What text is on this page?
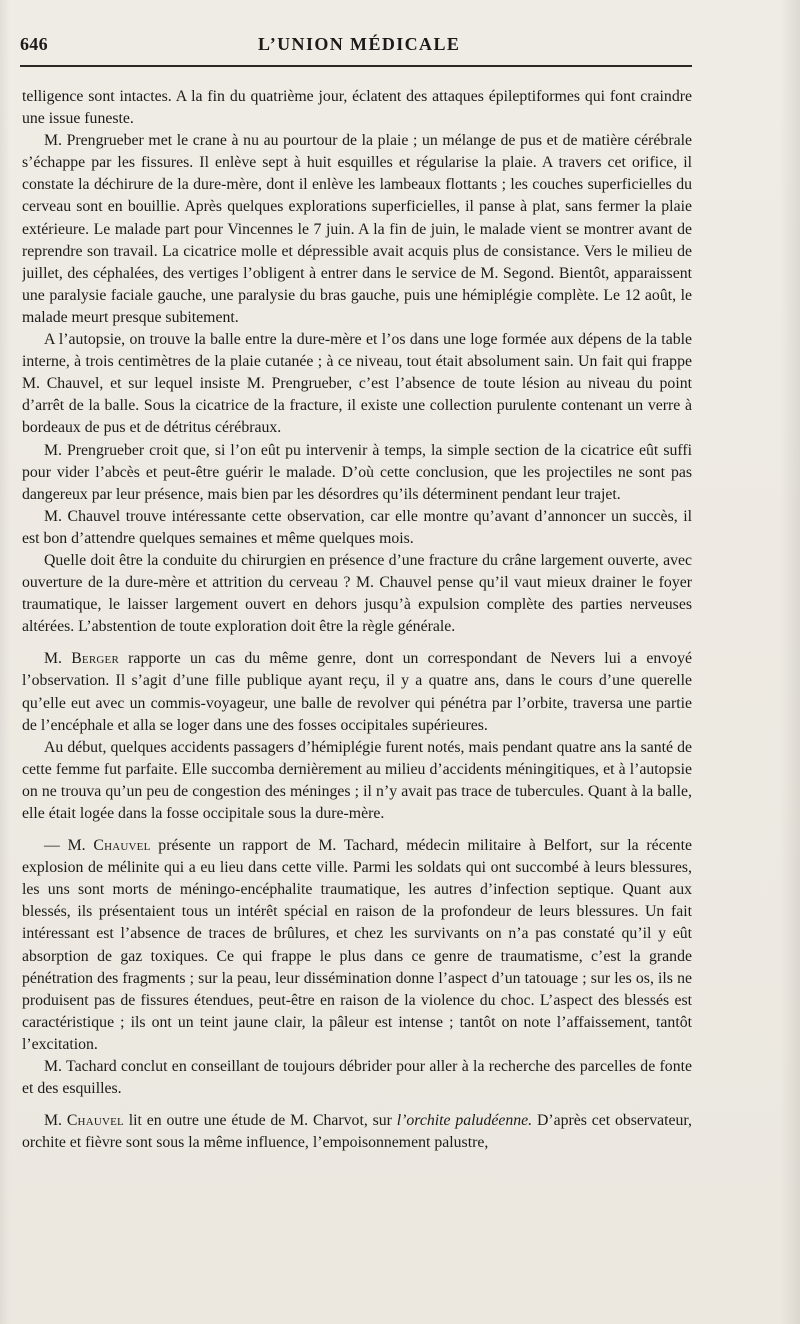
646	L’UNION MÉDICALE

telligence sont intactes. A la fin du quatrième jour, éclatent des attaques épileptiformes qui font craindre une issue funeste.

M. Prengrueber met le crane à nu au pourtour de la plaie ; un mélange de pus et de matière cérébrale s’échappe par les fissures. Il enlève sept à huit esquilles et régularise la plaie. A travers cet orifice, il constate la déchirure de la dure-mère, dont il enlève les lambeaux flottants ; les couches superficielles du cerveau sont en bouillie. Après quelques explorations superficielles, il panse à plat, sans fermer la plaie extérieure. Le malade part pour Vincennes le 7 juin. A la fin de juin, le malade vient se montrer avant de reprendre son travail. La cicatrice molle et dépressible avait acquis plus de consistance. Vers le milieu de juillet, des céphalées, des vertiges l’obligent à entrer dans le service de M. Segond. Bientôt, apparaissent une paralysie faciale gauche, une paralysie du bras gauche, puis une hémiplégie complète. Le 12 août, le malade meurt presque subitement.

A l’autopsie, on trouve la balle entre la dure-mère et l’os dans une loge formée aux dépens de la table interne, à trois centimètres de la plaie cutanée ; à ce niveau, tout était absolument sain. Un fait qui frappe M. Chauvel, et sur lequel insiste M. Prengrueber, c’est l’absence de toute lésion au niveau du point d’arrêt de la balle. Sous la cicatrice de la fracture, il existe une collection purulente contenant un verre à bordeaux de pus et de détritus cérébraux.

M. Prengrueber croit que, si l’on eût pu intervenir à temps, la simple section de la cicatrice eût suffi pour vider l’abcès et peut-être guérir le malade. D’où cette conclusion, que les projectiles ne sont pas dangereux par leur présence, mais bien par les désordres qu’ils déterminent pendant leur trajet.

M. Chauvel trouve intéressante cette observation, car elle montre qu’avant d’annoncer un succès, il est bon d’attendre quelques semaines et même quelques mois.

Quelle doit être la conduite du chirurgien en présence d’une fracture du crâne largement ouverte, avec ouverture de la dure-mère et attrition du cerveau ? M. Chauvel pense qu’il vaut mieux drainer le foyer traumatique, le laisser largement ouvert en dehors jusqu’à expulsion complète des parties nerveuses altérées. L’abstention de toute exploration doit être la règle générale.

M. Berger rapporte un cas du même genre, dont un correspondant de Nevers lui a envoyé l’observation. Il s’agit d’une fille publique ayant reçu, il y a quatre ans, dans le cours d’une querelle qu’elle eut avec un commis-voyageur, une balle de revolver qui pénétra par l’orbite, traversa une partie de l’encéphale et alla se loger dans une des fosses occipitales supérieures.

Au début, quelques accidents passagers d’hémiplégie furent notés, mais pendant quatre ans la santé de cette femme fut parfaite. Elle succomba dernièrement au milieu d’accidents méningitiques, et à l’autopsie on ne trouva qu’un peu de congestion des méninges ; il n’y avait pas trace de tubercules. Quant à la balle, elle était logée dans la fosse occipitale sous la dure-mère.

— M. Chauvel présente un rapport de M. Tachard, médecin militaire à Belfort, sur la récente explosion de mélinite qui a eu lieu dans cette ville. Parmi les soldats qui ont succombé à leurs blessures, les uns sont morts de méningo-encéphalite traumatique, les autres d’infection septique. Quant aux blessés, ils présentaient tous un intérêt spécial en raison de la profondeur de leurs blessures. Un fait intéressant est l’absence de traces de brûlures, et chez les survivants on n’a pas constaté qu’il y eût absorption de gaz toxiques. Ce qui frappe le plus dans ce genre de traumatisme, c’est la grande pénétration des fragments ; sur la peau, leur dissémination donne l’aspect d’un tatouage ; sur les os, ils ne produisent pas de fissures étendues, peut-être en raison de la violence du choc. L’aspect des blessés est caractéristique ; ils ont un teint jaune clair, la pâleur est intense ; tantôt on note l’affaissement, tantôt l’excitation.

M. Tachard conclut en conseillant de toujours débrider pour aller à la recherche des parcelles de fonte et des esquilles.

M. Chauvel lit en outre une étude de M. Charvot, sur l’orchite paludéenne. D’après cet observateur, orchite et fièvre sont sous la même influence, l’empoisonnement palustre,
